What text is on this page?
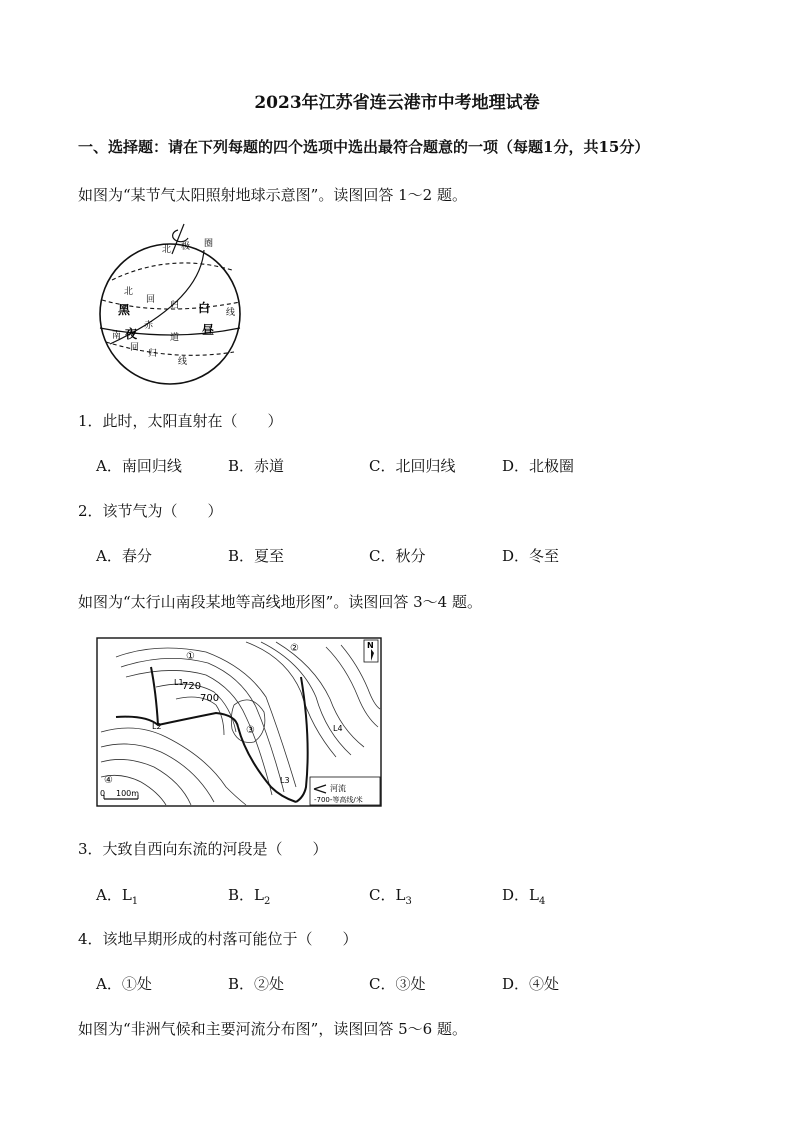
2023年江苏省连云港市中考地理试卷
一、选择题：请在下列每题的四个选项中选出最符合题意的一项（每题1分，共15分）
如图为“某节气太阳照射地球示意图”。读图回答 1～2 题。
北 极 圈
北
回
归
线
赤
道
南
回
归
线
黑
夜
白
昼
1．此时，太阳直射在（　　）
A．南回归线	B．赤道	C．北回归线	D．北极圈
2．该节气为（　　）
A．春分	B．夏至	C．秋分	D．冬至
如图为“太行山南段某地等高线地形图”。读图回答 3～4 题。
720
700
L1
L2
L3
L4
①
②
③
④
N
0 100m
河流
-700-等高线/米
3．大致自西向东流的河段是（　　）
A．$L_1$	B．$L_2$	C．$L_3$	D．$L_4$
4．该地早期形成的村落可能位于（　　）
A．①处	B．②处	C．③处	D．④处
如图为“非洲气候和主要河流分布图”，读图回答 5～6 题。
